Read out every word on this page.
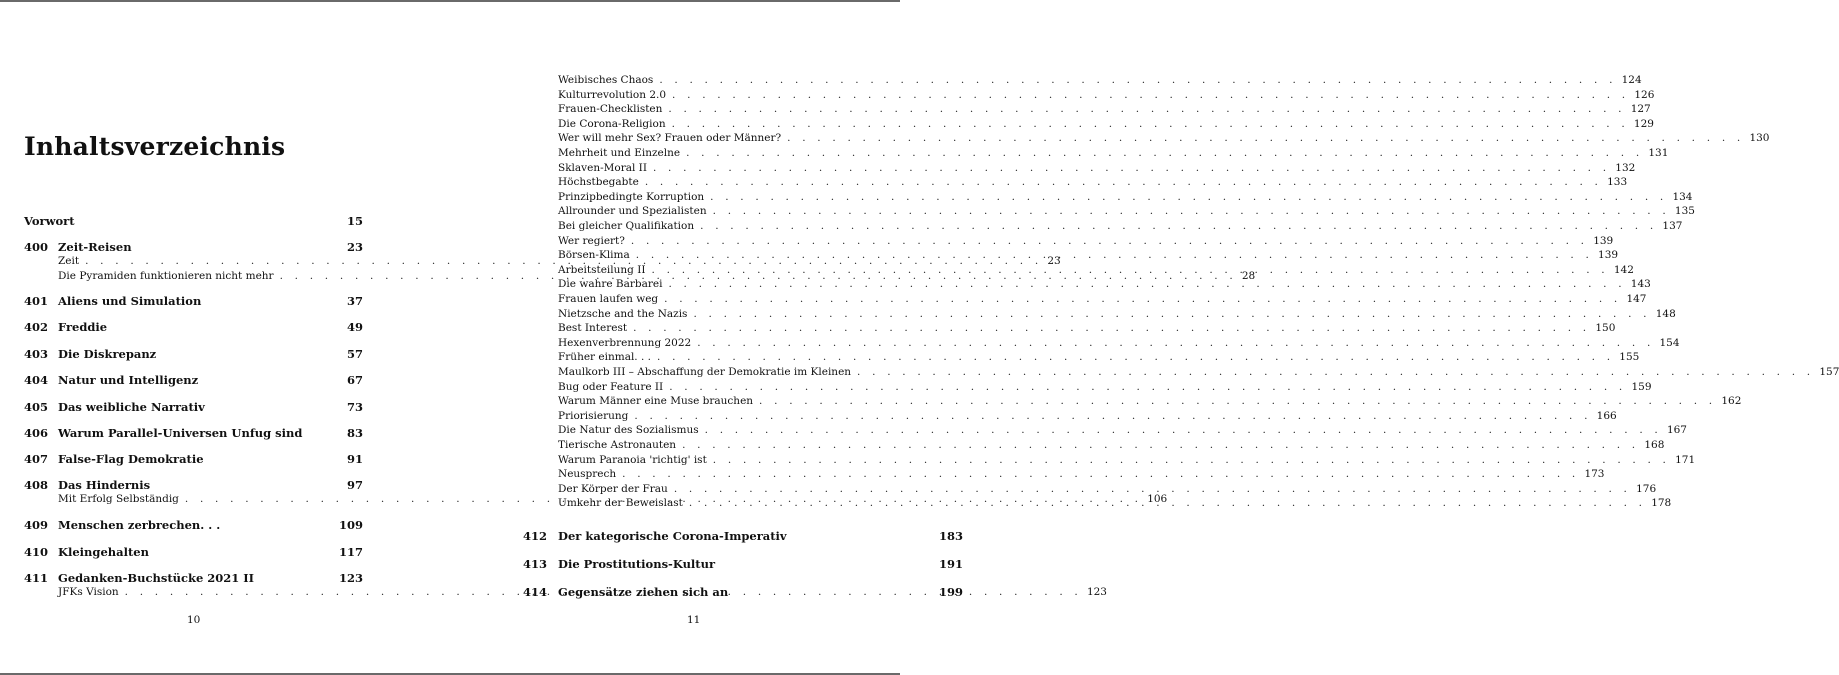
Inhaltsverzeichnis
10
Vorwort	15
400 Zeit-Reisen	23
Zeit . . .	23
Die Pyramiden funktionieren nicht mehr . . .	28
401 Aliens und Simulation	37
402 Freddie	49
403 Die Diskrepanz	57
404 Natur und Intelligenz	67
405 Das weibliche Narrativ	73
406 Warum Parallel-Universen Unfug sind	83
407 False-Flag Demokratie	91
408 Das Hindernis	97
Mit Erfolg Selbständig . . .	106
409 Menschen zerbrechen. . .	109
410 Kleingehalten	117
411 Gedanken-Buchstücke 2021 II	123
JFKs Vision . . .	123
11
Weibisches Chaos . . .	124
Kulturrevolution 2.0 . . .	126
Frauen-Checklisten . . .	127
Die Corona-Religion . . .	129
Wer will mehr Sex? Frauen oder Männer? . . .	130
Mehrheit und Einzelne . . .	131
Sklaven-Moral II . . .	132
Höchstbegabte . . .	133
Prinzipbedingte Korruption . . .	134
Allrounder und Spezialisten . . .	135
Bei gleicher Qualifikation . . .	137
Wer regiert? . . .	139
Börsen-Klima . . .	139
Arbeitsteilung II . . .	142
Die wahre Barbarei . . .	143
Frauen laufen weg . . .	147
Nietzsche and the Nazis . . .	148
Best Interest . . .	150
Hexenverbrennung 2022 . . .	154
Früher einmal. . . . . .	155
Maulkorb III – Abschaffung der Demokratie im Kleinen . . .	157
Bug oder Feature II . . .	159
Warum Männer eine Muse brauchen . . .	162
Priorisierung . . .	166
Die Natur des Sozialismus . . .	167
Tierische Astronauten . . .	168
Warum Paranoia 'richtig' ist . . .	171
Neusprech . . .	173
Der Körper der Frau . . .	176
Umkehr der Beweislast . . .	178
412 Der kategorische Corona-Imperativ	183
413 Die Prostitutions-Kultur	191
414 Gegensätze ziehen sich an	199
